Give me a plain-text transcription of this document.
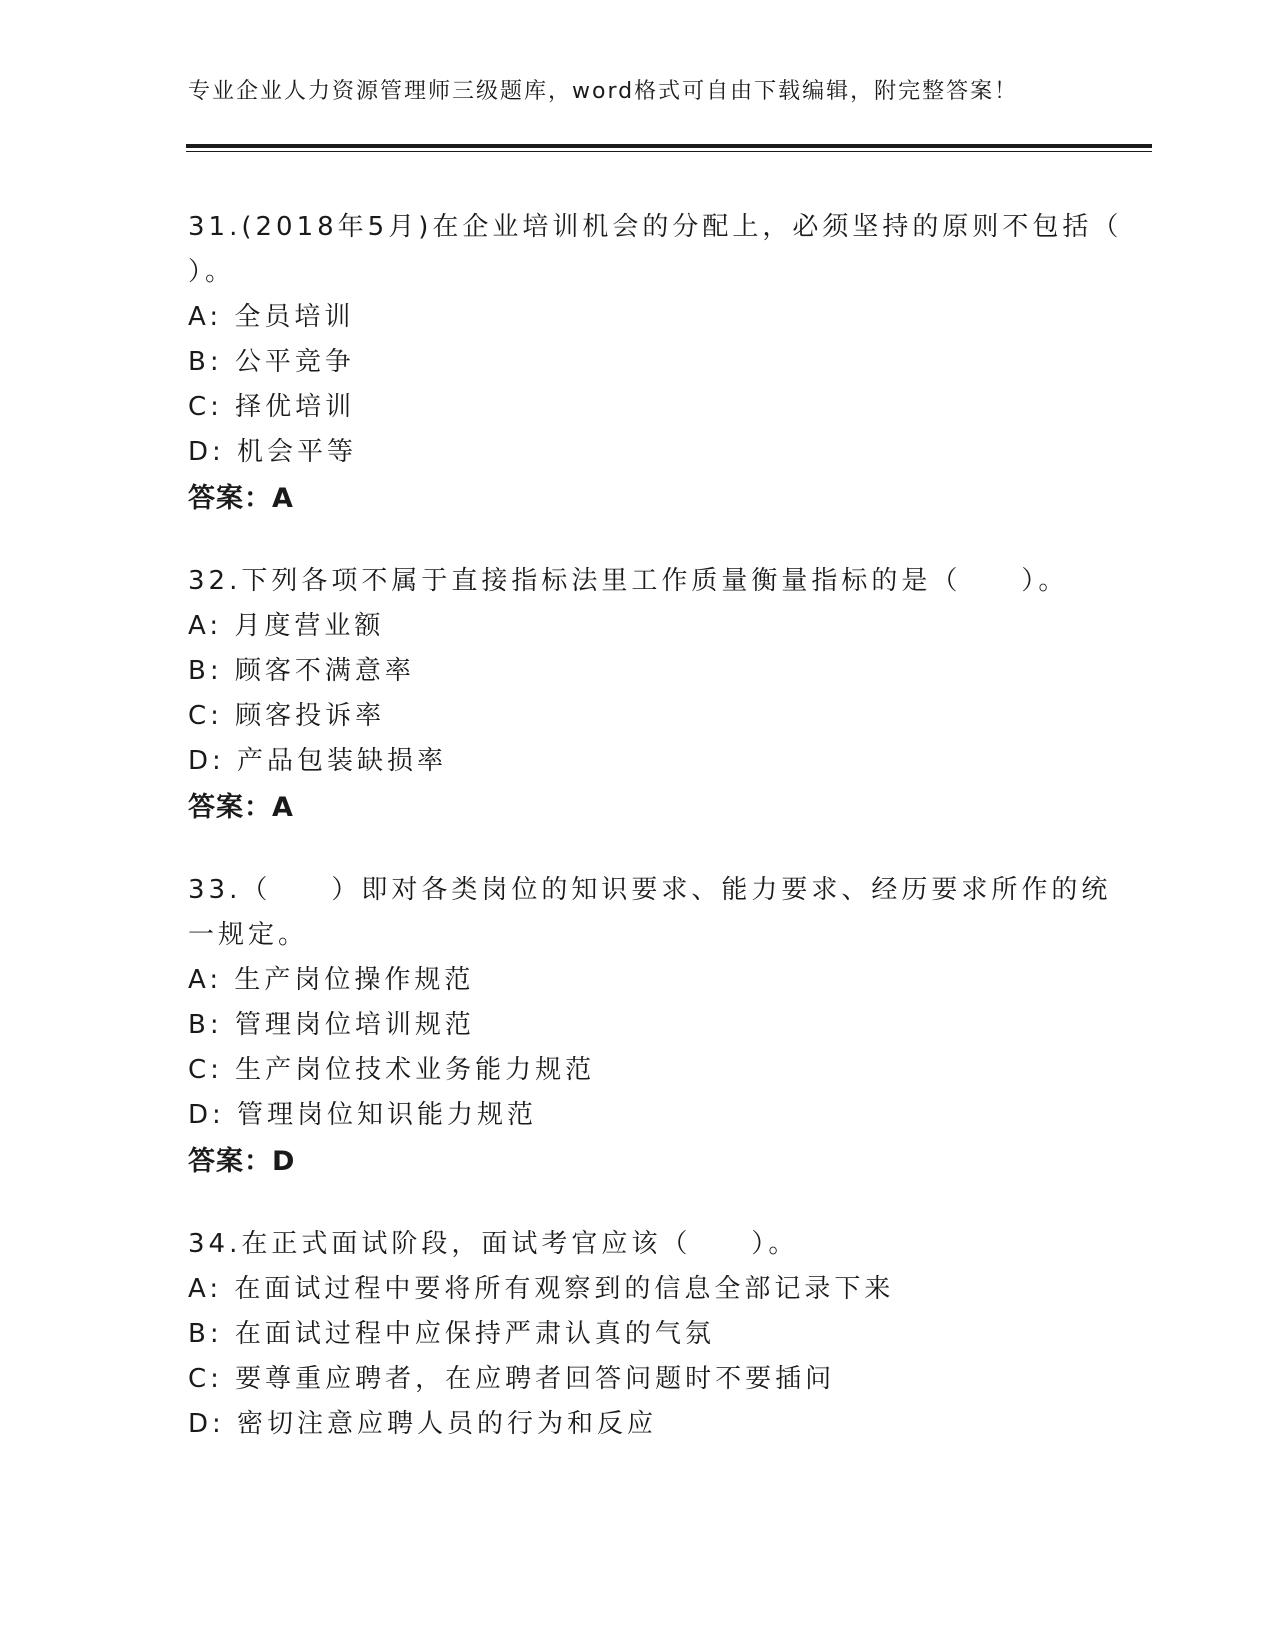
专业企业人力资源管理师三级题库，word格式可自由下载编辑，附完整答案！

31.(2018年5月)在企业培训机会的分配上，必须坚持的原则不包括（
）。

A: 全员培训
B: 公平竞争
C: 择优培训
D: 机会平等
答案：A

32.下列各项不属于直接指标法里工作质量衡量指标的是（　　）。

A: 月度营业额
B: 顾客不满意率
C: 顾客投诉率
D: 产品包装缺损率
答案：A

33.（　　）即对各类岗位的知识要求、能力要求、经历要求所作的统
一规定。

A: 生产岗位操作规范
B: 管理岗位培训规范
C: 生产岗位技术业务能力规范
D: 管理岗位知识能力规范
答案：D

34.在正式面试阶段，面试考官应该（　　）。

A: 在面试过程中要将所有观察到的信息全部记录下来
B: 在面试过程中应保持严肃认真的气氛
C: 要尊重应聘者，在应聘者回答问题时不要插问
D: 密切注意应聘人员的行为和反应
